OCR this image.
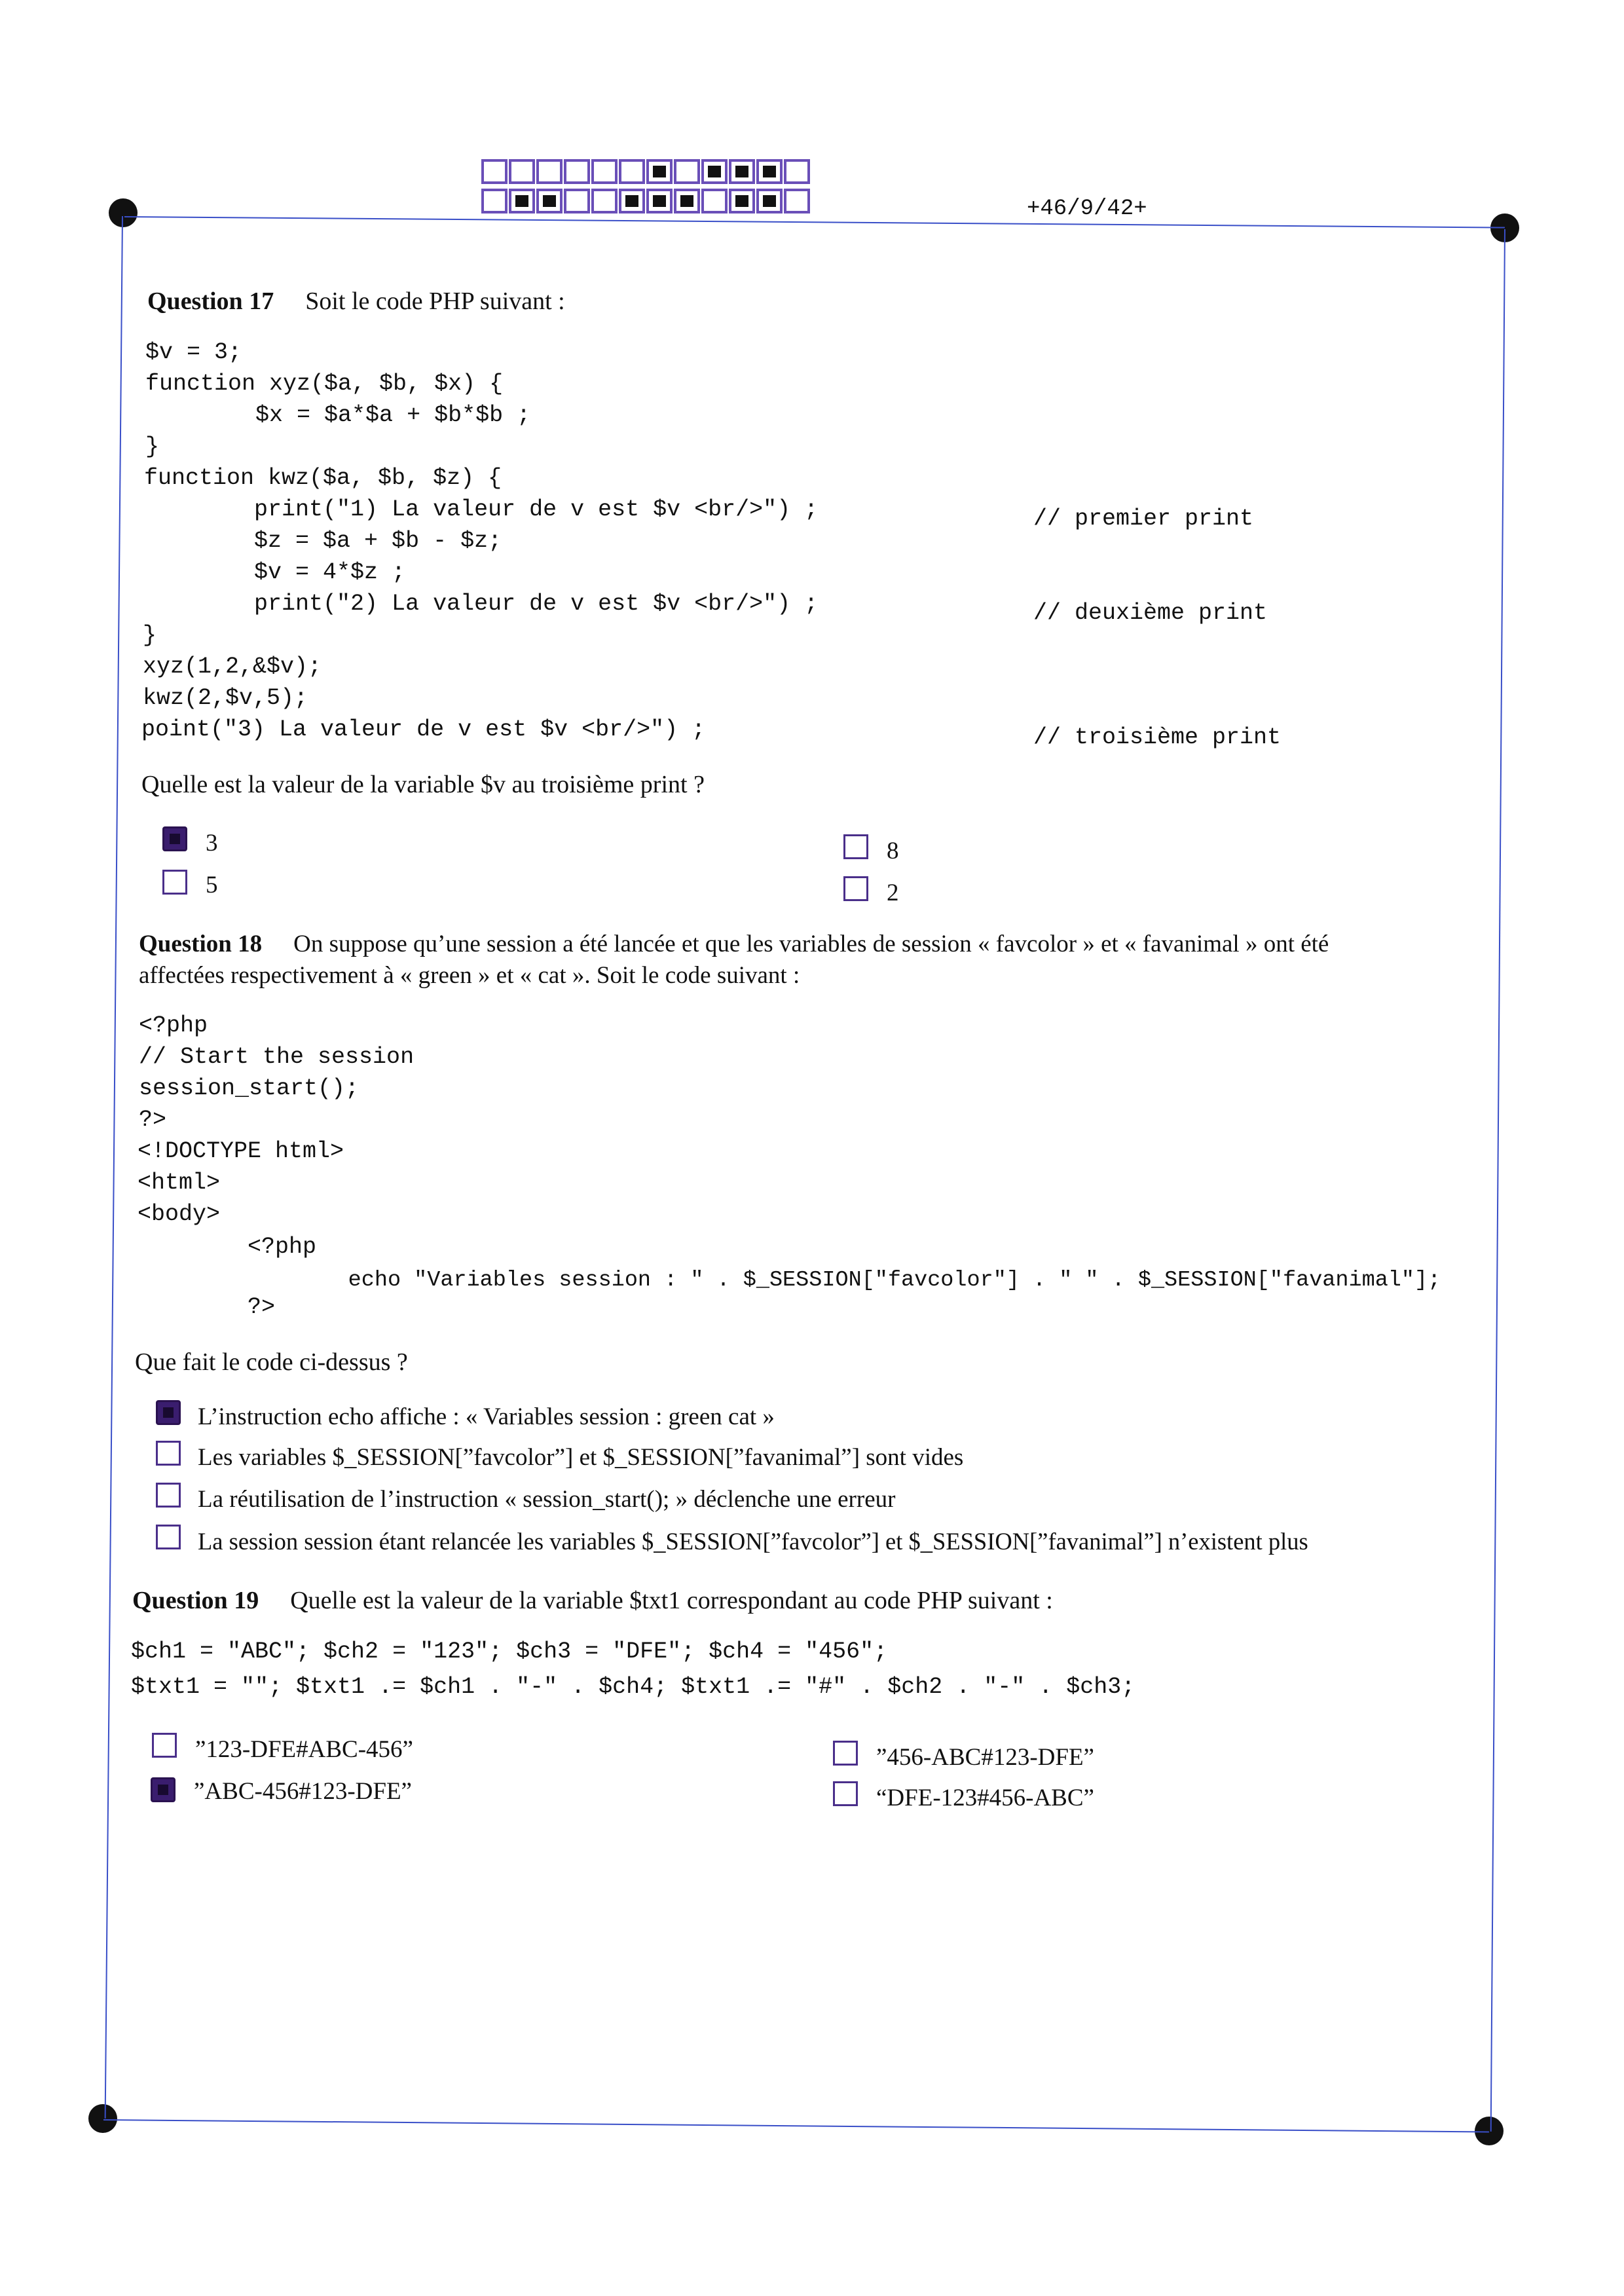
+46/9/42+
Question 17 Soit le code PHP suivant :
$v = 3;
function xyz($a, $b, $x) {
$x = $a*$a + $b*$b ;
}
function kwz($a, $b, $z) {
print("1) La valeur de v est $v <br/>") ;
$z = $a + $b - $z;
$v = 4*$z ;
print("2) La valeur de v est $v <br/>") ;
}
xyz(1,2,&$v);
kwz(2,$v,5);
point("3) La valeur de v est $v <br/>") ;
// premier print
// deuxième print
// troisième print
Quelle est la valeur de la variable $v au troisième print ?
3
5
8
2
Question 18 On suppose qu’une session a été lancée et que les variables de session « favcolor » et « favanimal » ont été
affectées respectivement à « green » et « cat ». Soit le code suivant :
<?php
// Start the session
session_start();
?>
<!DOCTYPE html>
<html>
<body>
<?php
echo "Variables session : " . $_SESSION["favcolor"] . " " . $_SESSION["favanimal"];
?>
Que fait le code ci-dessus ?
L’instruction echo affiche : « Variables session : green cat »
Les variables $_SESSION[”favcolor”] et $_SESSION[”favanimal”] sont vides
La réutilisation de l’instruction « session_start(); » déclenche une erreur
La session session étant relancée les variables $_SESSION[”favcolor”] et $_SESSION[”favanimal”] n’existent plus
Question 19 Quelle est la valeur de la variable $txt1 correspondant au code PHP suivant :
$ch1 = "ABC"; $ch2 = "123"; $ch3 = "DFE"; $ch4 = "456";
$txt1 = ""; $txt1 .= $ch1 . "-" . $ch4; $txt1 .= "#" . $ch2 . "-" . $ch3;
”123-DFE#ABC-456”
”ABC-456#123-DFE”
”456-ABC#123-DFE”
“DFE-123#456-ABC”
